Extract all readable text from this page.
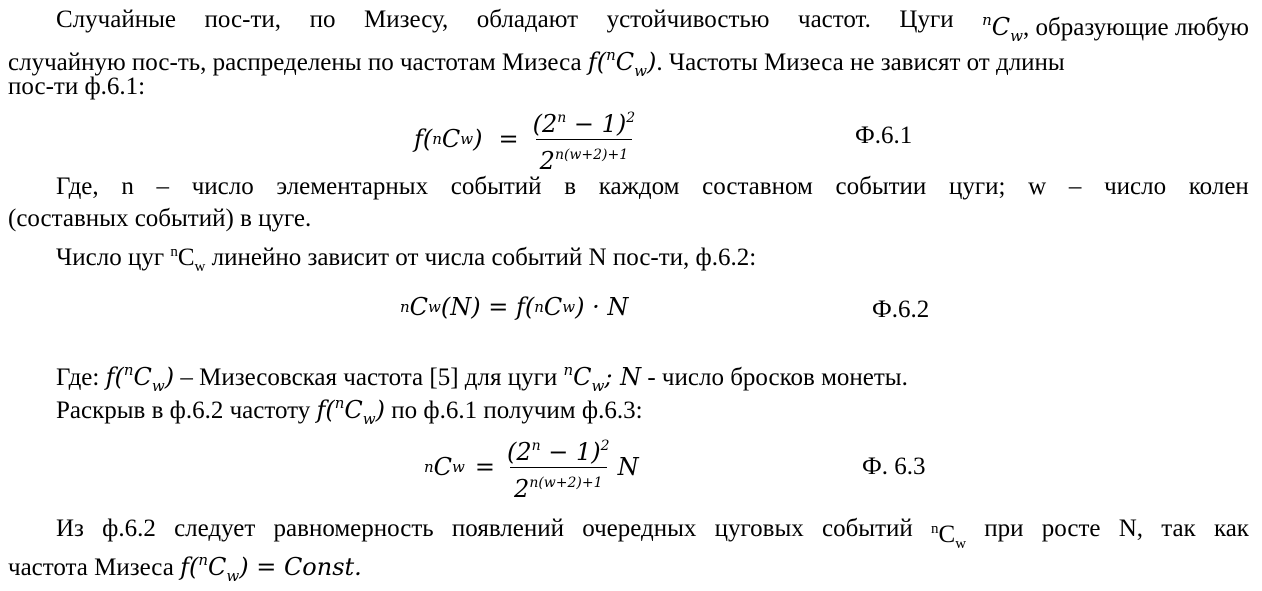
Случайные пос-ти, по Мизесу, обладают устойчивостью частот. Цуги $^nC_w$, образующие любую
случайную пос-ть, распределены по частотам Мизеса $f(^nC_w)$. Частоты Мизеса не зависят от длины
пос-ти ф.6.1:
f( n C w ) = $\frac{(2^n - 1)^2}{2^{n(w+2)+1}}$	Ф.6.1
Где, n – число элементарных событий в каждом составном событии цуги; w – число колен
(составных событий) в цуге.
Число цуг $^nC_w$ линейно зависит от числа событий N пос-ти, ф.6.2:
n C w (N) = f( n C w ) · N	Ф.6.2
Где: $f(^nC_w)$ – Мизесовская частота [5] для цуги $^nC_w$; N - число бросков монеты.
Раскрыв в ф.6.2 частоту $f(^nC_w)$ по ф.6.1 получим ф.6.3:
n C $w = \frac{(2^n - 1)^2}{2^{n(w+2)+1}}$ N	Ф. 6.3
Из ф.6.2 следует равномерность появлений очередных цуговых событий $^nC_w$
при росте N, так как
частота Мизеса $f(^nC_w)$ = Const.
